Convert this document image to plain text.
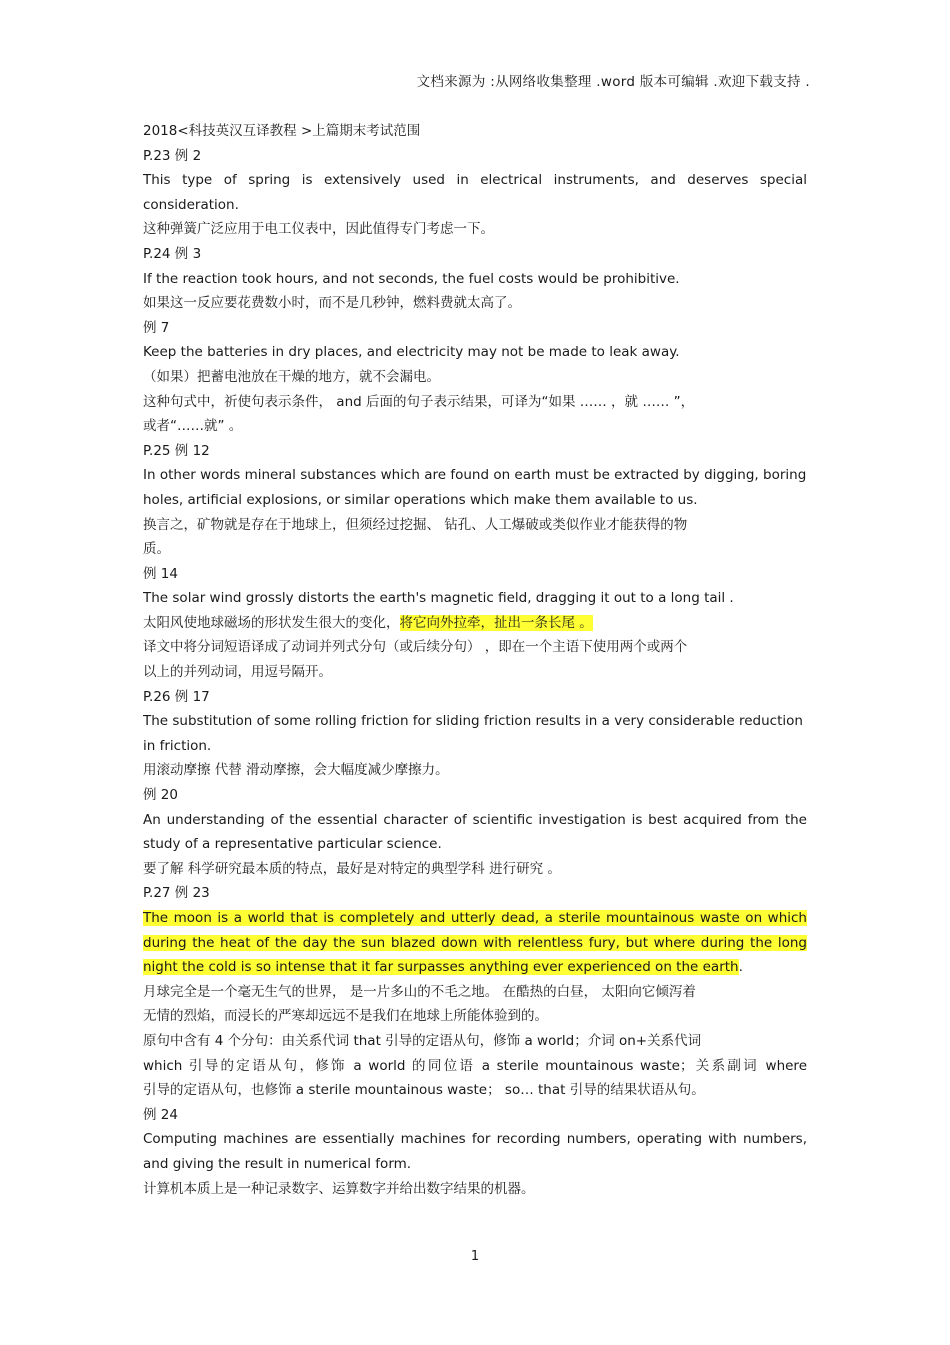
文档来源为 :从网络收集整理 .word 版本可编辑 .欢迎下载支持 .
2018<科技英汉互译教程 >上篇期末考试范围
P.23 例 2
This type of spring is extensively used in electrical instruments, and deserves special
consideration.
这种弹簧广泛应用于电工仪表中，因此值得专门考虑一下。
P.24 例 3
If the reaction took hours, and not seconds, the fuel costs would be prohibitive.
如果这一反应要花费数小时，而不是几秒钟，燃料费就太高了。
例 7
Keep the batteries in dry places, and electricity may not be made to leak away.
（如果）把蓄电池放在干燥的地方，就不会漏电。
这种句式中，祈使句表示条件， and 后面的句子表示结果，可译为“如果 …… ，就 …… ”，
或者“……就” 。
P.25 例 12
In other words mineral substances which are found on earth must be extracted by digging, boring
holes, artificial explosions, or similar operations which make them available to us.
换言之，矿物就是存在于地球上，但须经过挖掘、 钻孔、人工爆破或类似作业才能获得的物
质。
例 14
The solar wind grossly distorts the earth's magnetic field, dragging it out to a long tail .
太阳风使地球磁场的形状发生很大的变化，将它向外拉牵，扯出一条长尾 。
译文中将分词短语译成了动词并列式分句（或后续分句） ，即在一个主语下使用两个或两个
以上的并列动词，用逗号隔开。
P.26 例 17
The substitution of some rolling friction for sliding friction results in a very considerable reduction
in friction.
用滚动摩擦 代替 滑动摩擦，会大幅度减少摩擦力。
例 20
An understanding of the essential character of scientific investigation is best acquired from the
study of a representative particular science.
要了解 科学研究最本质的特点，最好是对特定的典型学科 进行研究 。
P.27 例 23
The moon is a world that is completely and utterly dead, a sterile mountainous waste on which
during the heat of the day the sun blazed down with relentless fury, but where during the long
night the cold is so intense that it far surpasses anything ever experienced on the earth.
月球完全是一个毫无生气的世界， 是一片多山的不毛之地。 在酷热的白昼， 太阳向它倾泻着
无情的烈焰，而浸长的严寒却远远不是我们在地球上所能体验到的。
原句中含有 4 个分句：由关系代词 that 引导的定语从句，修饰 a world；介词 on+关系代词
which 引导的定语从句，修饰 a world 的同位语 a sterile mountainous waste；关系副词 where
引导的定语从句，也修饰 a sterile mountainous waste； so… that 引导的结果状语从句。
例 24
Computing machines are essentially machines for recording numbers, operating with numbers,
and giving the result in numerical form.
计算机本质上是一种记录数字、运算数字并给出数字结果的机器。
1
